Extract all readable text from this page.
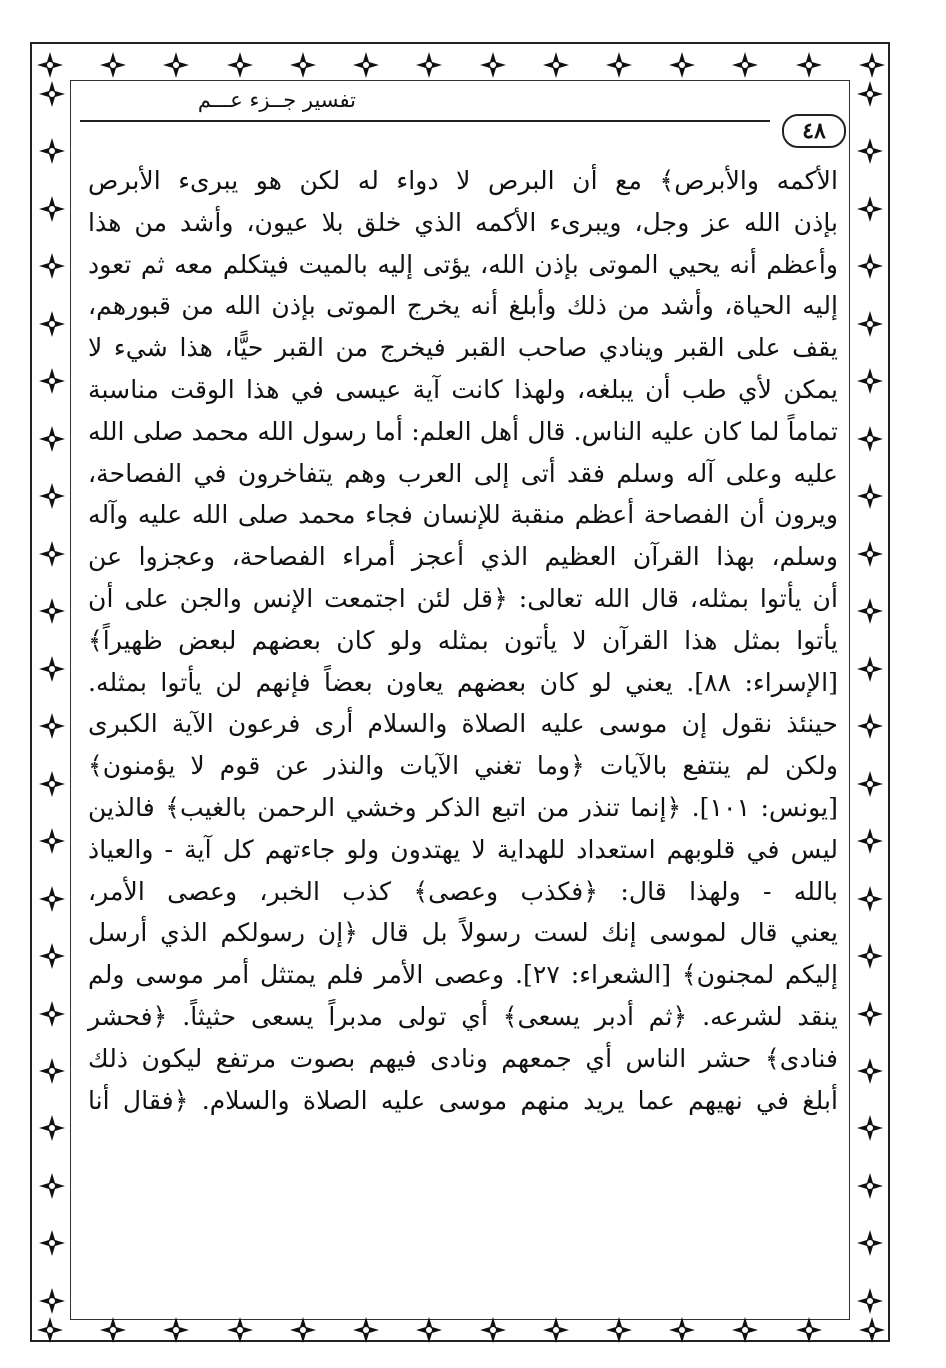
تفسير جــزء عـــم
٤٨
الأكمه والأبرص﴾ مع أن البرص لا دواء له لكن هو يبرىء الأبرص
بإذن الله عز وجل، ويبرىء الأكمه الذي خلق بلا عيون، وأشد من هذا
وأعظم أنه يحيي الموتى بإذن الله، يؤتى إليه بالميت فيتكلم معه ثم تعود
إليه الحياة، وأشد من ذلك وأبلغ أنه يخرج الموتى بإذن الله من قبورهم،
يقف على القبر وينادي صاحب القبر فيخرج من القبر حيًّا، هذا شيء لا
يمكن لأي طب أن يبلغه، ولهذا كانت آية عيسى في هذا الوقت مناسبة
تماماً لما كان عليه الناس. قال أهل العلم: أما رسول الله محمد صلى الله
عليه وعلى آله وسلم فقد أتى إلى العرب وهم يتفاخرون في الفصاحة،
ويرون أن الفصاحة أعظم منقبة للإنسان فجاء محمد صلى الله عليه وآله
وسلم، بهذا القرآن العظيم الذي أعجز أمراء الفصاحة، وعجزوا عن
أن يأتوا بمثله، قال الله تعالى: ﴿قل لئن اجتمعت الإنس والجن على أن
يأتوا بمثل هذا القرآن لا يأتون بمثله ولو كان بعضهم لبعض ظهيراً﴾
[الإسراء: ٨٨]. يعني لو كان بعضهم يعاون بعضاً فإنهم لن يأتوا بمثله.
حينئذ نقول إن موسى عليه الصلاة والسلام أرى فرعون الآية الكبرى
ولكن لم ينتفع بالآيات ﴿وما تغني الآيات والنذر عن قوم لا يؤمنون﴾
[يونس: ١٠١]. ﴿إنما تنذر من اتبع الذكر وخشي الرحمن بالغيب﴾ فالذين
ليس في قلوبهم استعداد للهداية لا يهتدون ولو جاءتهم كل آية - والعياذ
بالله - ولهذا قال: ﴿فكذب وعصى﴾ كذب الخبر، وعصى الأمر،
يعني قال لموسى إنك لست رسولاً بل قال ﴿إن رسولكم الذي أرسل
إليكم لمجنون﴾ [الشعراء: ٢٧]. وعصى الأمر فلم يمتثل أمر موسى ولم
ينقد لشرعه. ﴿ثم أدبر يسعى﴾ أي تولى مدبراً يسعى حثيثاً. ﴿فحشر
فنادى﴾ حشر الناس أي جمعهم ونادى فيهم بصوت مرتفع ليكون ذلك
أبلغ في نهيهم عما يريد منهم موسى عليه الصلاة والسلام. ﴿فقال أنا
